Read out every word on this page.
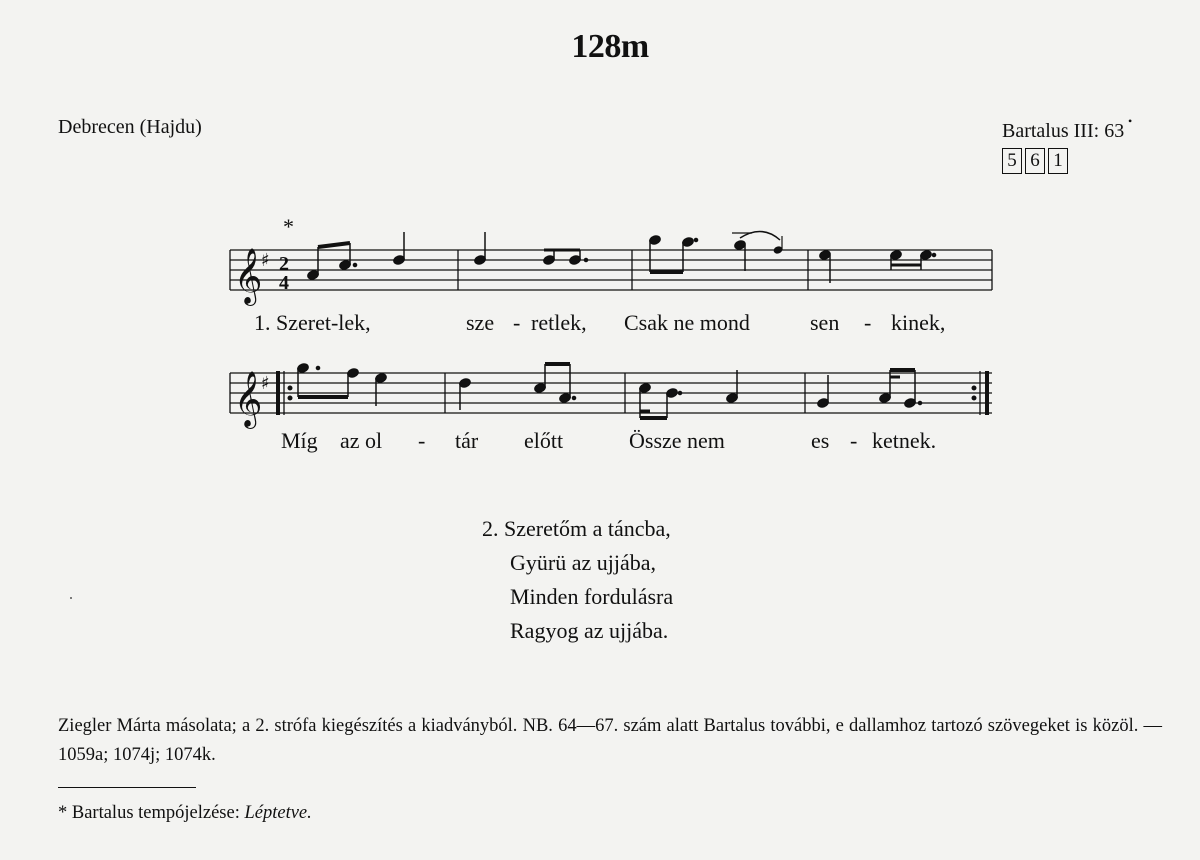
128m
Debrecen (Hajdu)	Bartalus III: 63 •
5 6 1
*
𝄞
♯ 2
4
𝄞
♯
1. Szeret-lek,	sze - retlek, Csak ne mond	sen - kinek,
Míg az ol - tár előtt	Össze nem	es - ketnek.
2. Szeretőm a táncba,
Gyürü az ujjába,
Minden fordulásra
Ragyog az ujjába.
Ziegler Márta másolata; a 2. strófa kiegészítés a kiadványból. NB. 64—67. szám alatt Bartalus további, e dallamhoz tartozó szövegeket is közöl. — 1059a; 1074j; 1074k.
* Bartalus tempójelzése: Léptetve.
